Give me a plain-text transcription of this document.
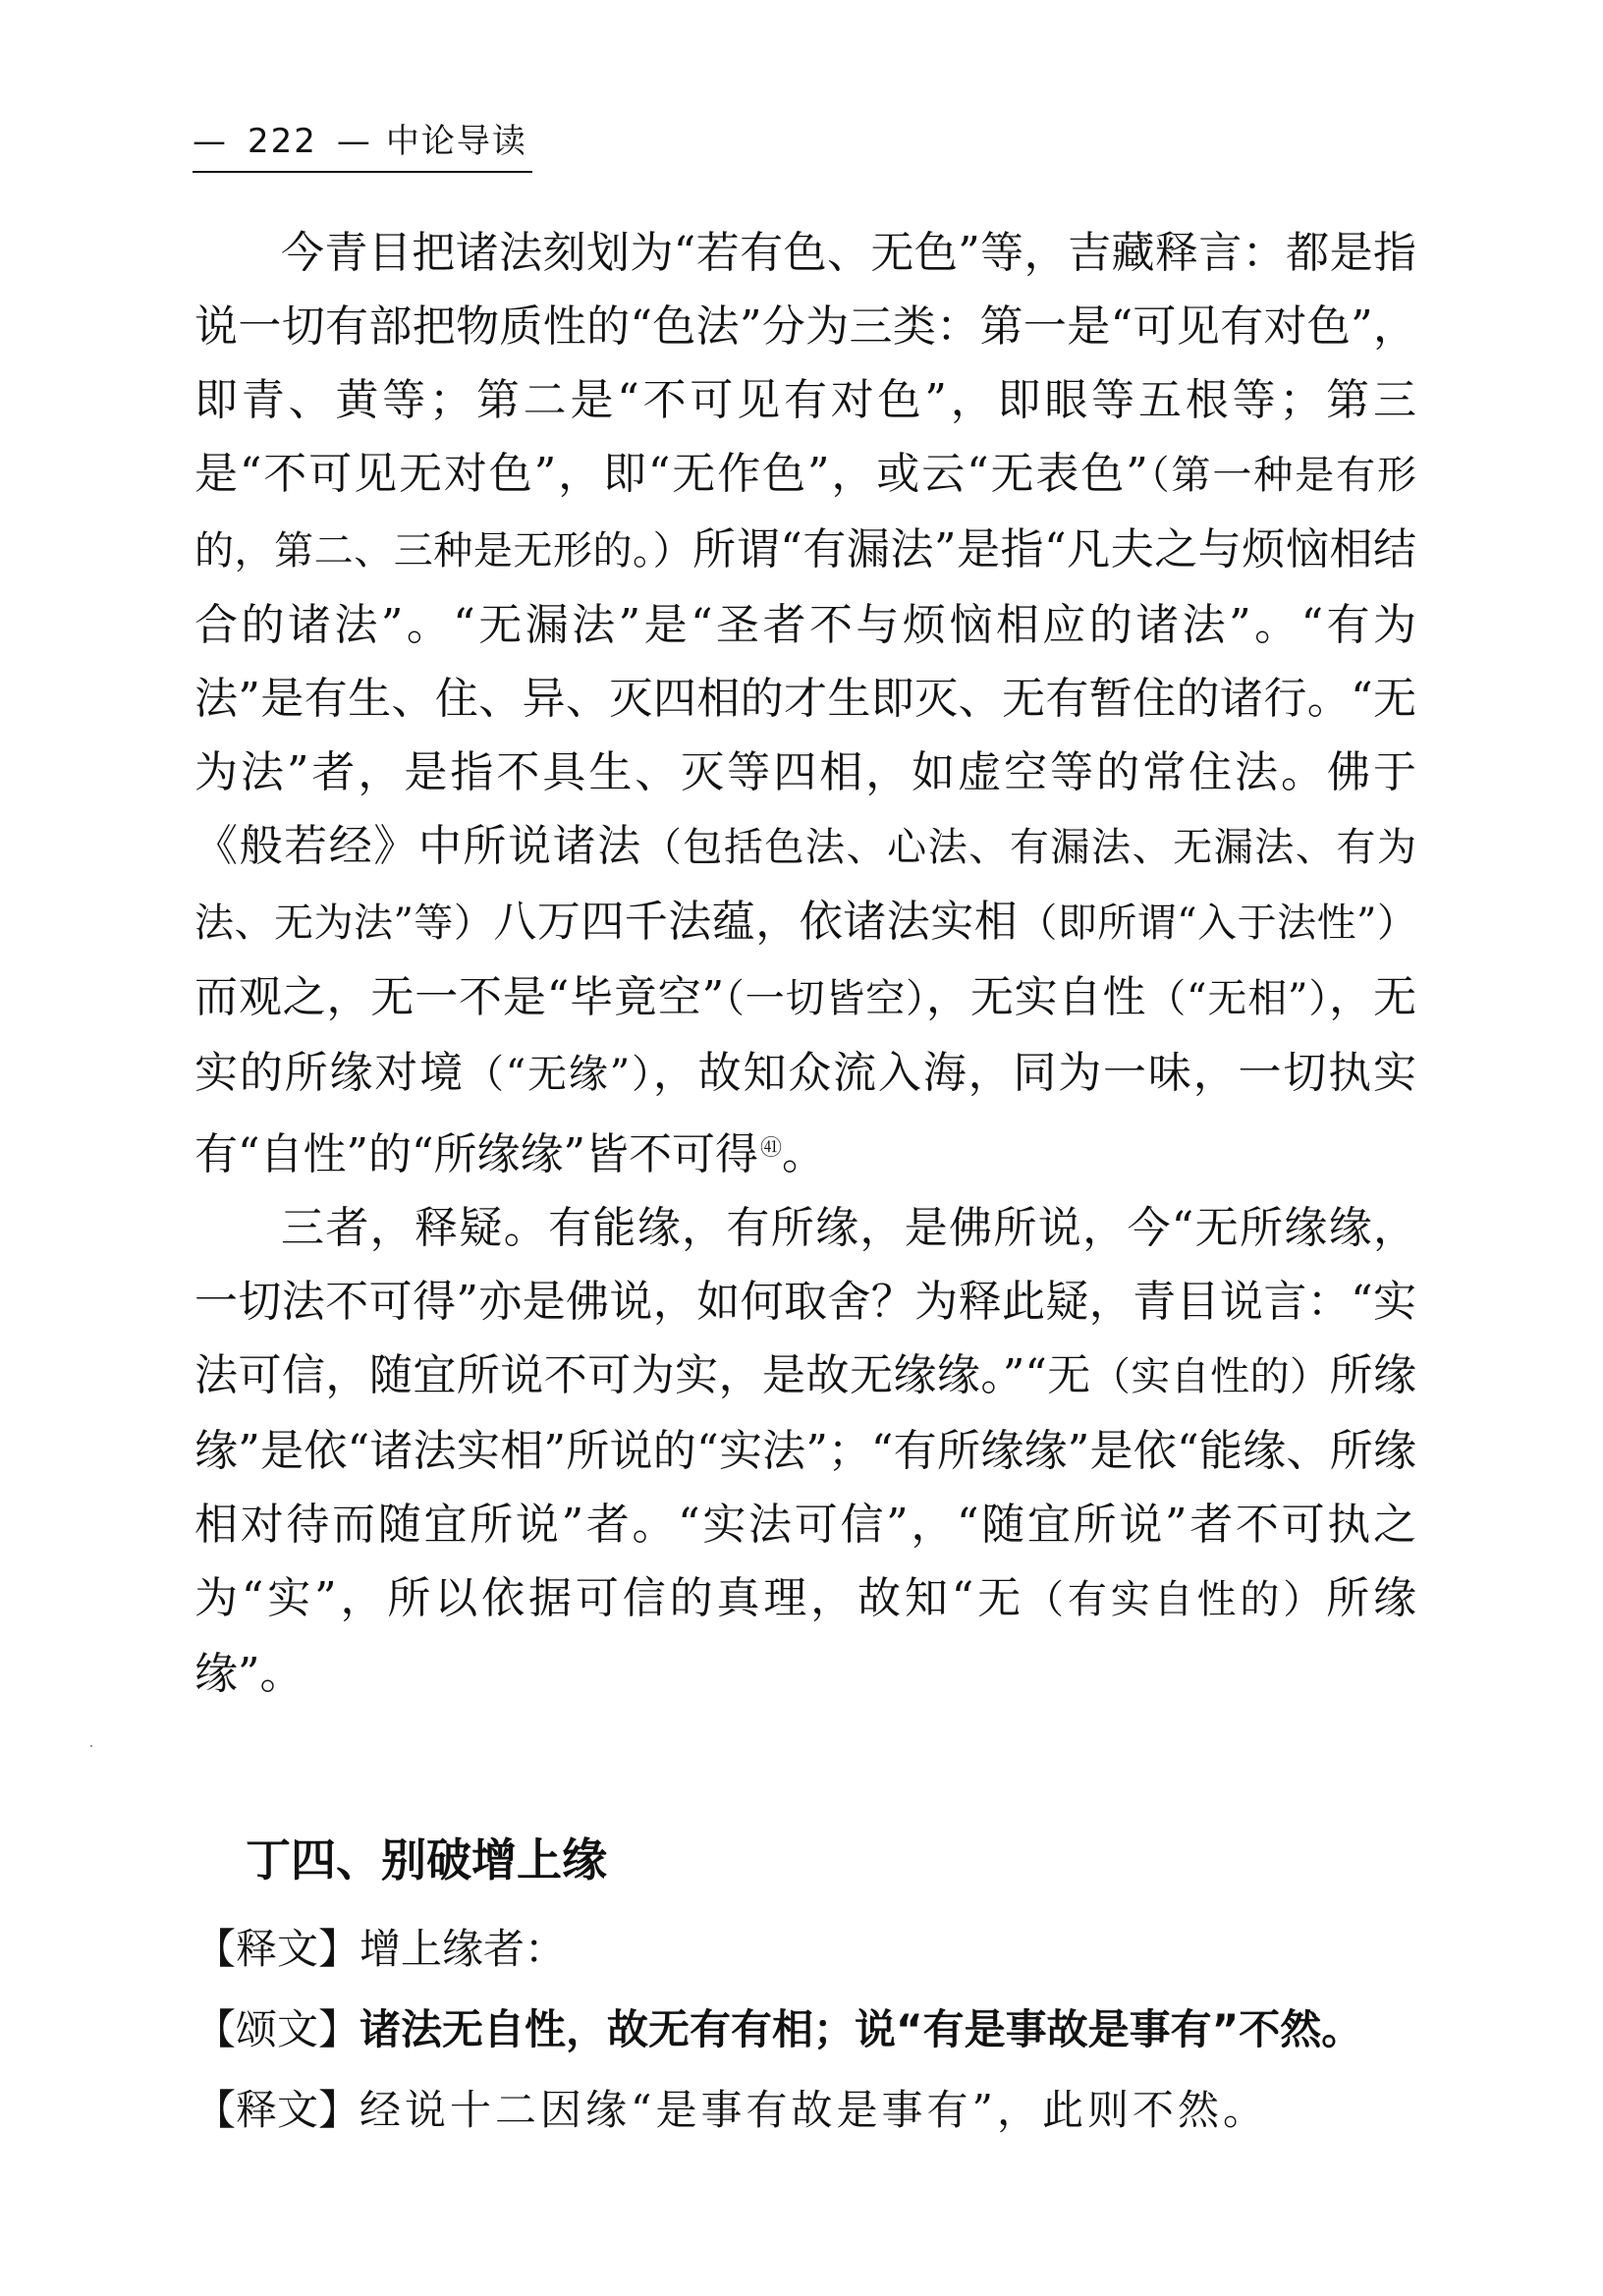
— 222 — 中论导读

今青目把诸法刻划为“若有色、无色”等，吉藏释言：都是指说一切有部把物质性的“色法”分为三类：第一是“可见有对色”，即青、黄等；第二是“不可见有对色”，即眼等五根等；第三是“不可见无对色”，即“无作色”，或云“无表色”（第一种是有形的，第二、三种是无形的。）所谓“有漏法”是指“凡夫之与烦恼相结合的诸法”。“无漏法”是“圣者不与烦恼相应的诸法”。“有为法”是有生、住、异、灭四相的才生即灭、无有暂住的诸行。“无为法”者，是指不具生、灭等四相，如虚空等的常住法。佛于《般若经》中所说诸法（包括色法、心法、有漏法、无漏法、有为法、无为法”等）八万四千法蕴，依诸法实相（即所谓“入于法性”）而观之，无一不是“毕竟空”（一切皆空），无实自性（“无相”），无实的所缘对境（“无缘”），故知众流入海，同为一味，一切执实有“自性”的“所缘缘”皆不可得$^㊶$。

三者，释疑。有能缘，有所缘，是佛所说，今“无所缘缘，一切法不可得”亦是佛说，如何取舍？为释此疑，青目说言：“实法可信，随宜所说不可为实，是故无缘缘。”“无（实自性的）所缘缘”是依“诸法实相”所说的“实法”；“有所缘缘”是依“能缘、所缘相对待而随宜所说”者。“实法可信”，“随宜所说”者不可执之为“实”，所以依据可信的真理，故知“无（有实自性的）所缘缘”。

丁四、别破增上缘
【释文】增上缘者：
【颂文】诸法无自性，故无有有相；说“有是事故是事有”不然。
【释文】经说十二因缘“是事有故是事有”，此则不然。
